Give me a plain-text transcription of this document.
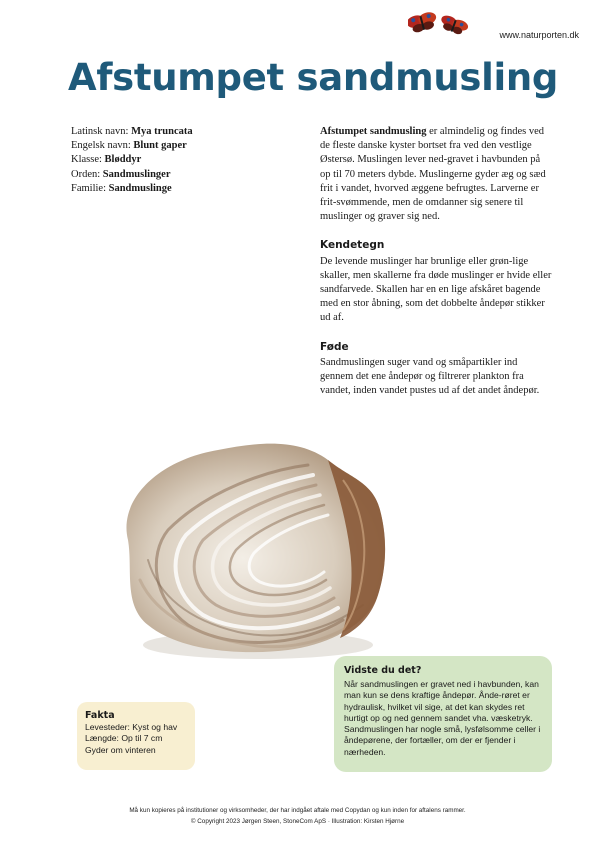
www.naturporten.dk
Afstumpet sandmusling
Latinsk navn: Mya truncata
Engelsk navn: Blunt gaper
Klasse: Bløddyr
Orden: Sandmuslinger
Familie: Sandmuslinge

Afstumpet sandmusling er almindelig og findes ved de fleste danske kyster bortset fra ved den vestlige Østersø. Muslingen lever ned-gravet i havbunden på op til 70 meters dybde. Muslingerne gyder æg og sæd frit i vandet, hvorved æggene befrugtes. Larverne er frit-svømmende, men de omdanner sig senere til muslinger og graver sig ned.

Kendetegn

De levende muslinger har brunlige eller grøn-lige skaller, men skallerne fra døde muslinger er hvide eller sandfarvede. Skallen har en en lige afskåret bagende med en stor åbning, som det dobbelte åndерør stikker ud af.

Føde

Sandmuslingen suger vand og småpartikler ind gennem det ene åndерør og filtrerer plankton fra vandet, inden vandet pustes ud af det andet åndерør.

Vidste du det?

Når sandmuslingen er gravet ned i havbunden, kan man kun se dens kraftige åndерør. Ånde-røret er hydraulisk, hvilket vil sige, at det kan skydes ret hurtigt op og ned gennem sandet vha. væsketryk. Sandmuslingen har nogle små, lysfølsomme celler i åndерørene, der fortæller, om der er fjender i nærheden.

Fakta
Levesteder: Kyst og hav
Længde: Op til 7 cm
Gyder om vinteren
Må kun kopieres på institutioner og virksomheder, der har indgået aftale med Copydan og kun inden for aftalens rammer.
© Copyright 2023 Jørgen Steen, StoneCom ApS · Illustration: Kirsten Hjørne
